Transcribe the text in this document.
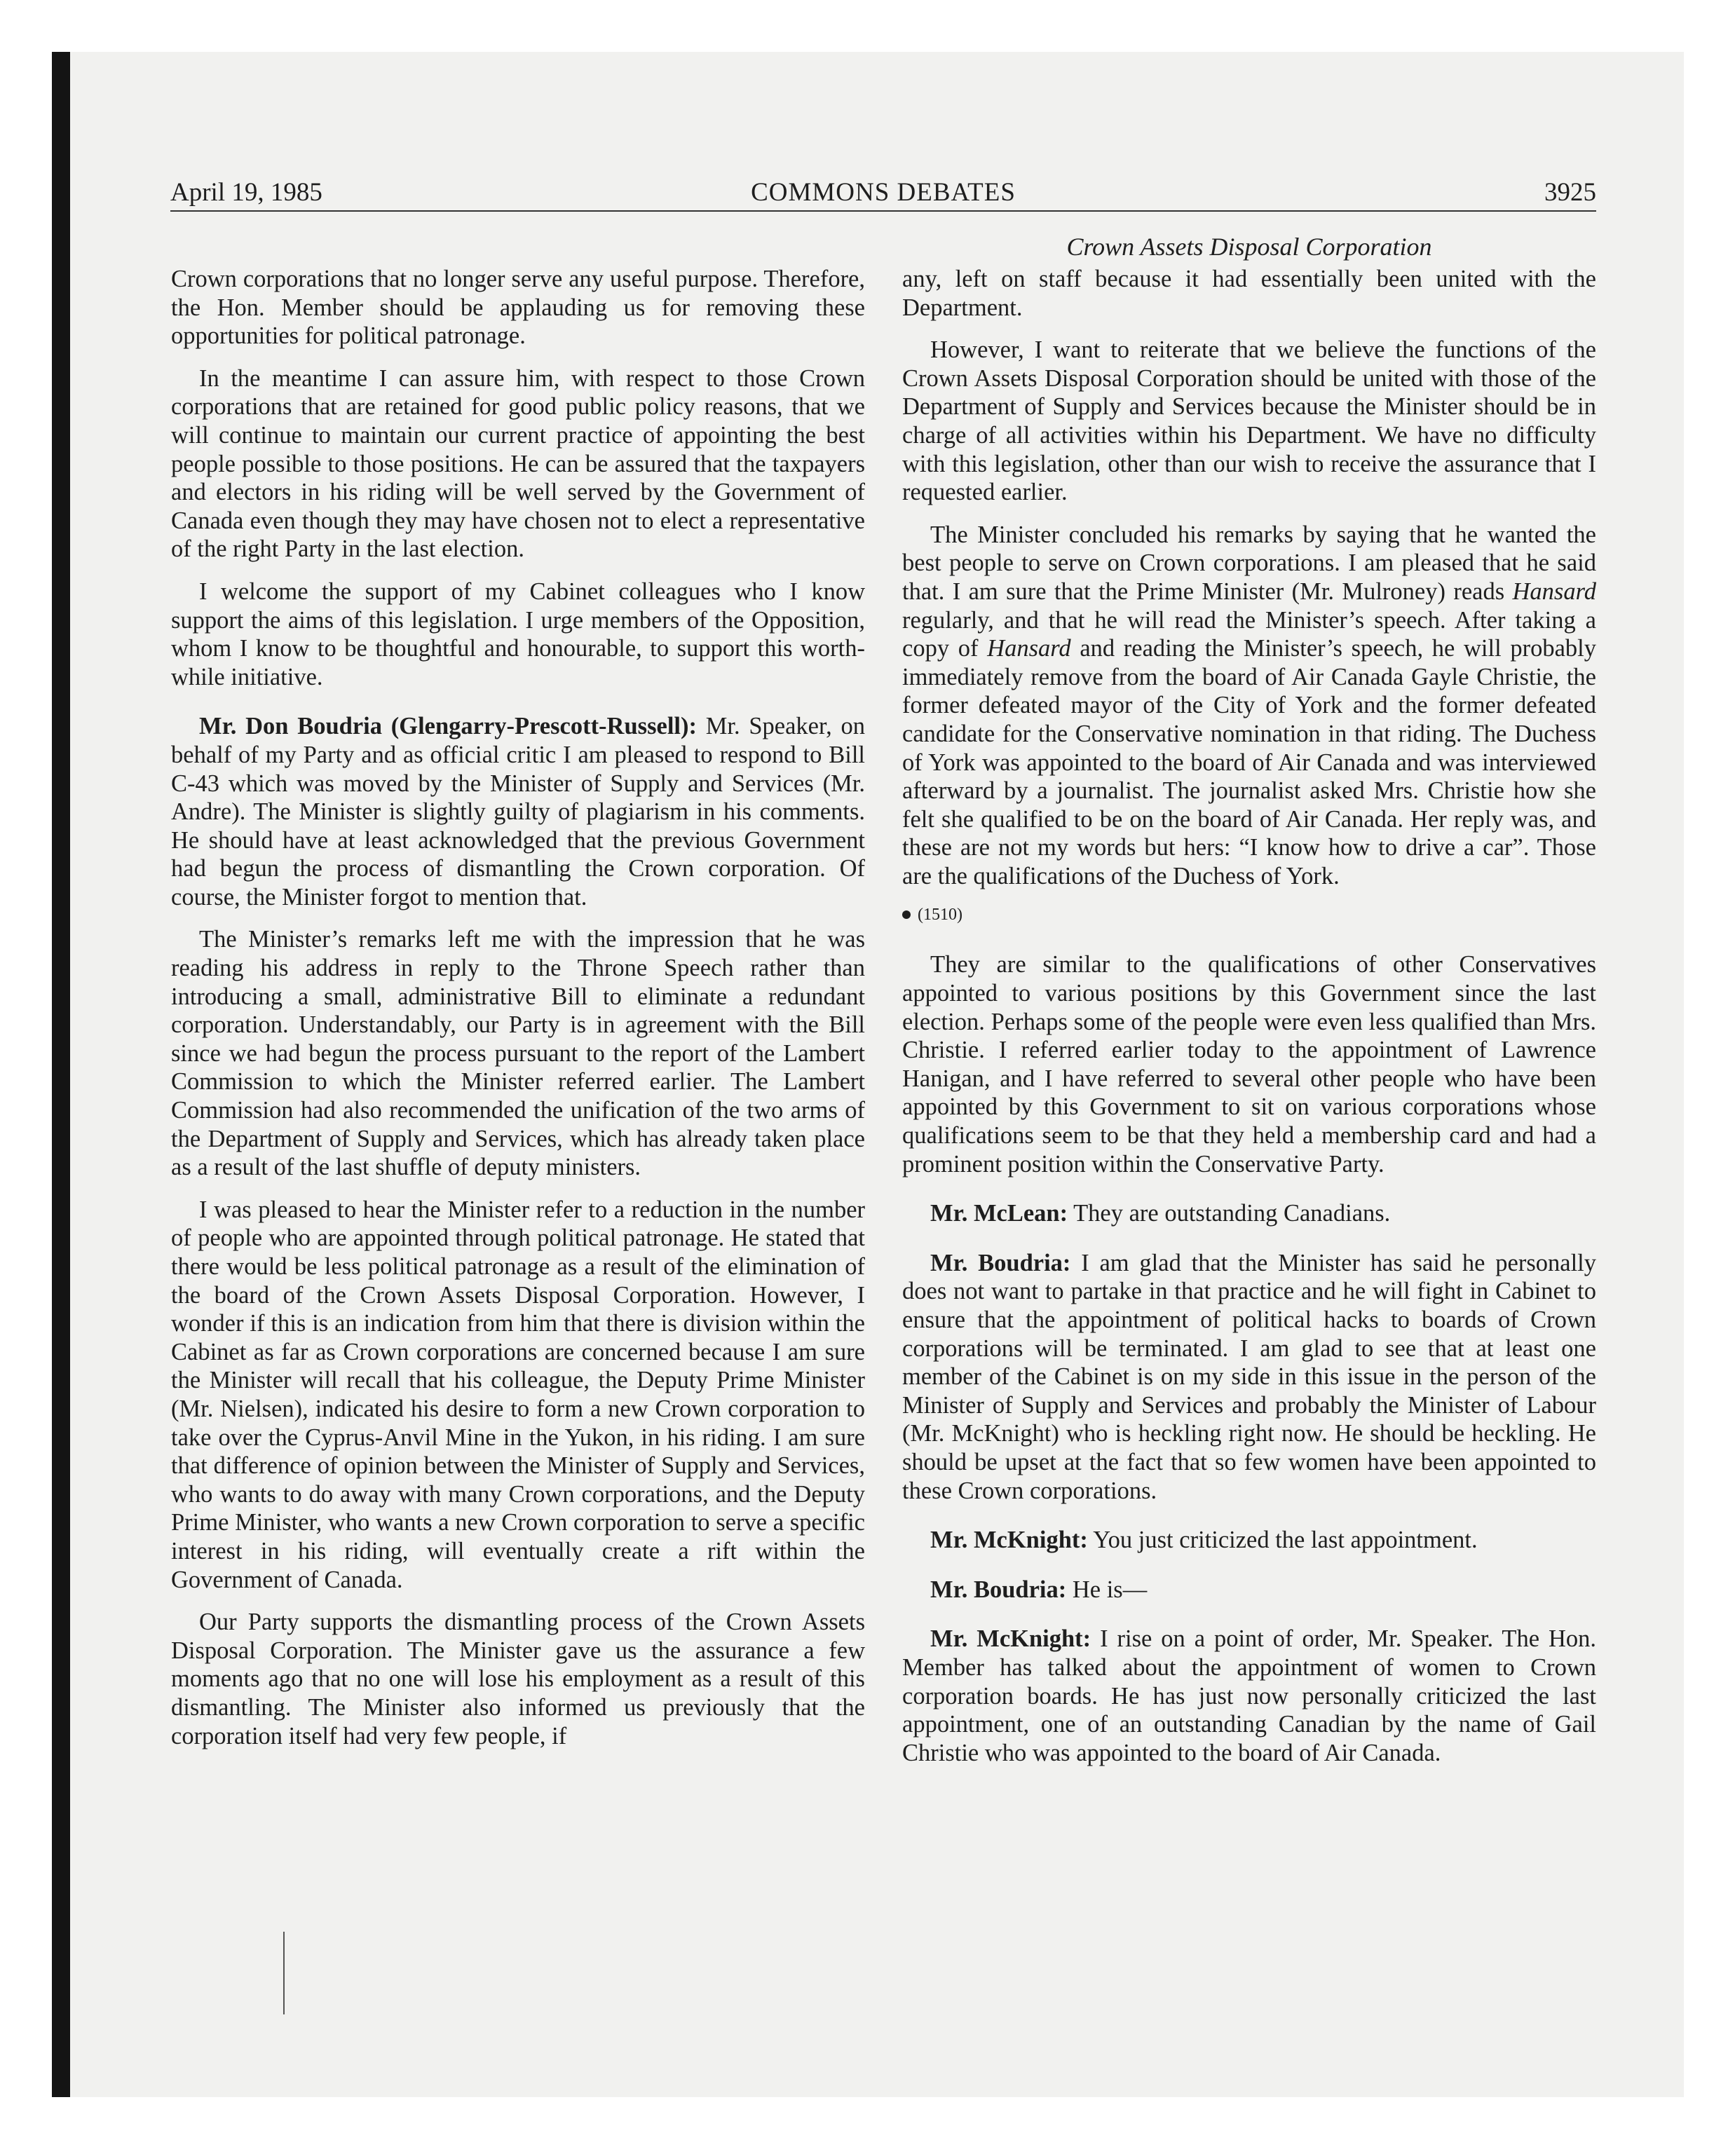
April 19, 1985	COMMONS DEBATES	3925
Crown Assets Disposal Corporation

Crown corporations that no longer serve any useful purpose. Therefore, the Hon. Member should be applauding us for removing these opportunities for political patronage.

In the meantime I can assure him, with respect to those Crown corporations that are retained for good public policy reasons, that we will continue to maintain our current practice of appointing the best people possible to those positions. He can be assured that the taxpayers and electors in his riding will be well served by the Government of Canada even though they may have chosen not to elect a representative of the right Party in the last election.

I welcome the support of my Cabinet colleagues who I know support the aims of this legislation. I urge members of the Opposition, whom I know to be thoughtful and honourable, to support this worth-while initiative.

Mr. Don Boudria (Glengarry-Prescott-Russell): Mr. Speaker, on behalf of my Party and as official critic I am pleased to respond to Bill C-43 which was moved by the Minister of Supply and Services (Mr. Andre). The Minister is slightly guilty of plagiarism in his comments. He should have at least acknowledged that the previous Government had begun the process of dismantling the Crown corporation. Of course, the Minister forgot to mention that.

The Minister’s remarks left me with the impression that he was reading his address in reply to the Throne Speech rather than introducing a small, administrative Bill to eliminate a redundant corporation. Understandably, our Party is in agreement with the Bill since we had begun the process pursuant to the report of the Lambert Commission to which the Minister referred earlier. The Lambert Commission had also recommended the unification of the two arms of the Department of Supply and Services, which has already taken place as a result of the last shuffle of deputy ministers.

I was pleased to hear the Minister refer to a reduction in the number of people who are appointed through political patronage. He stated that there would be less political patronage as a result of the elimination of the board of the Crown Assets Disposal Corporation. However, I wonder if this is an indication from him that there is division within the Cabinet as far as Crown corporations are concerned because I am sure the Minister will recall that his colleague, the Deputy Prime Minister (Mr. Nielsen), indicated his desire to form a new Crown corporation to take over the Cyprus-Anvil Mine in the Yukon, in his riding. I am sure that difference of opinion between the Minister of Supply and Services, who wants to do away with many Crown corporations, and the Deputy Prime Minister, who wants a new Crown corporation to serve a specific interest in his riding, will eventually create a rift within the Government of Canada.

Our Party supports the dismantling process of the Crown Assets Disposal Corporation. The Minister gave us the assurance a few moments ago that no one will lose his employment as a result of this dismantling. The Minister also informed us previously that the corporation itself had very few people, if

any, left on staff because it had essentially been united with the Department.

However, I want to reiterate that we believe the functions of the Crown Assets Disposal Corporation should be united with those of the Department of Supply and Services because the Minister should be in charge of all activities within his Department. We have no difficulty with this legislation, other than our wish to receive the assurance that I requested earlier.

The Minister concluded his remarks by saying that he wanted the best people to serve on Crown corporations. I am pleased that he said that. I am sure that the Prime Minister (Mr. Mulroney) reads Hansard regularly, and that he will read the Minister’s speech. After taking a copy of Hansard and reading the Minister’s speech, he will probably immediately remove from the board of Air Canada Gayle Christie, the former defeated mayor of the City of York and the former defeated candidate for the Conservative nomination in that riding. The Duchess of York was appointed to the board of Air Canada and was interviewed afterward by a journalist. The journalist asked Mrs. Christie how she felt she qualified to be on the board of Air Canada. Her reply was, and these are not my words but hers: “I know how to drive a car”. Those are the qualifications of the Duchess of York.

(1510)

They are similar to the qualifications of other Conservatives appointed to various positions by this Government since the last election. Perhaps some of the people were even less qualified than Mrs. Christie. I referred earlier today to the appointment of Lawrence Hanigan, and I have referred to several other people who have been appointed by this Government to sit on various corporations whose qualifications seem to be that they held a membership card and had a prominent position within the Conservative Party.

Mr. McLean: They are outstanding Canadians.

Mr. Boudria: I am glad that the Minister has said he personally does not want to partake in that practice and he will fight in Cabinet to ensure that the appointment of political hacks to boards of Crown corporations will be terminated. I am glad to see that at least one member of the Cabinet is on my side in this issue in the person of the Minister of Supply and Services and probably the Minister of Labour (Mr. McKnight) who is heckling right now. He should be heckling. He should be upset at the fact that so few women have been appointed to these Crown corporations.

Mr. McKnight: You just criticized the last appointment.

Mr. Boudria: He is—

Mr. McKnight: I rise on a point of order, Mr. Speaker. The Hon. Member has talked about the appointment of women to Crown corporation boards. He has just now personally criticized the last appointment, one of an outstanding Canadian by the name of Gail Christie who was appointed to the board of Air Canada.
